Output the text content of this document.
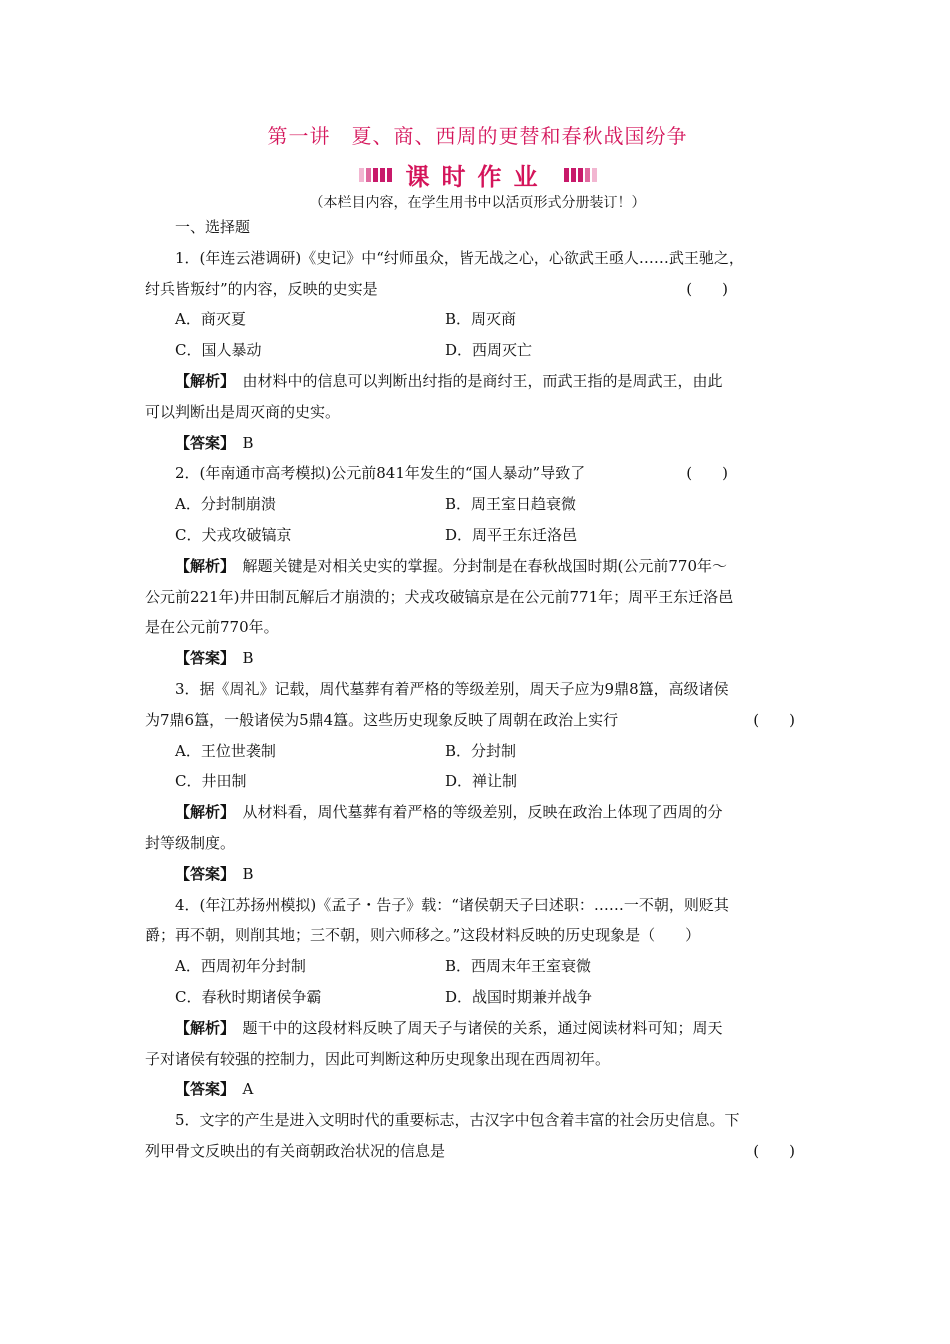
第一讲　夏、商、西周的更替和春秋战国纷争
课时作业
（本栏目内容，在学生用书中以活页形式分册装订！）
一、选择题
1．(年连云港调研)《史记》中“纣师虽众，皆无战之心，心欲武王亟人……武王驰之，
纣兵皆叛纣”的内容，反映的史实是	(　　)
A．商灭夏	B．周灭商
C．国人暴动	D．西周灭亡
【解析】　由材料中的信息可以判断出纣指的是商纣王，而武王指的是周武王，由此
可以判断出是周灭商的史实。
【答案】　B
2．(年南通市高考模拟)公元前841年发生的“国人暴动”导致了	(　　)
A．分封制崩溃	B．周王室日趋衰微
C．犬戎攻破镐京	D．周平王东迁洛邑
【解析】　解题关键是对相关史实的掌握。分封制是在春秋战国时期(公元前770年～
公元前221年)井田制瓦解后才崩溃的；犬戎攻破镐京是在公元前771年；周平王东迁洛邑
是在公元前770年。
【答案】　B
3．据《周礼》记载，周代墓葬有着严格的等级差别，周天子应为9鼎8簋，高级诸侯
为7鼎6簋，一般诸侯为5鼎4簋。这些历史现象反映了周朝在政治上实行	(　　)
A．王位世袭制	B．分封制
C．井田制	D．禅让制
【解析】　从材料看，周代墓葬有着严格的等级差别，反映在政治上体现了西周的分
封等级制度。
【答案】　B
4．(年江苏扬州模拟)《孟子・告子》载：“诸侯朝天子曰述职：……一不朝，则贬其
爵；再不朝，则削其地；三不朝，则六师移之。”这段材料反映的历史现象是（　　）
A．西周初年分封制	B．西周末年王室衰微
C．春秋时期诸侯争霸	D．战国时期兼并战争
【解析】　题干中的这段材料反映了周天子与诸侯的关系，通过阅读材料可知；周天
子对诸侯有较强的控制力，因此可判断这种历史现象出现在西周初年。
【答案】　A
5．文字的产生是进入文明时代的重要标志，古汉字中包含着丰富的社会历史信息。下
列甲骨文反映出的有关商朝政治状况的信息是	(　　)
